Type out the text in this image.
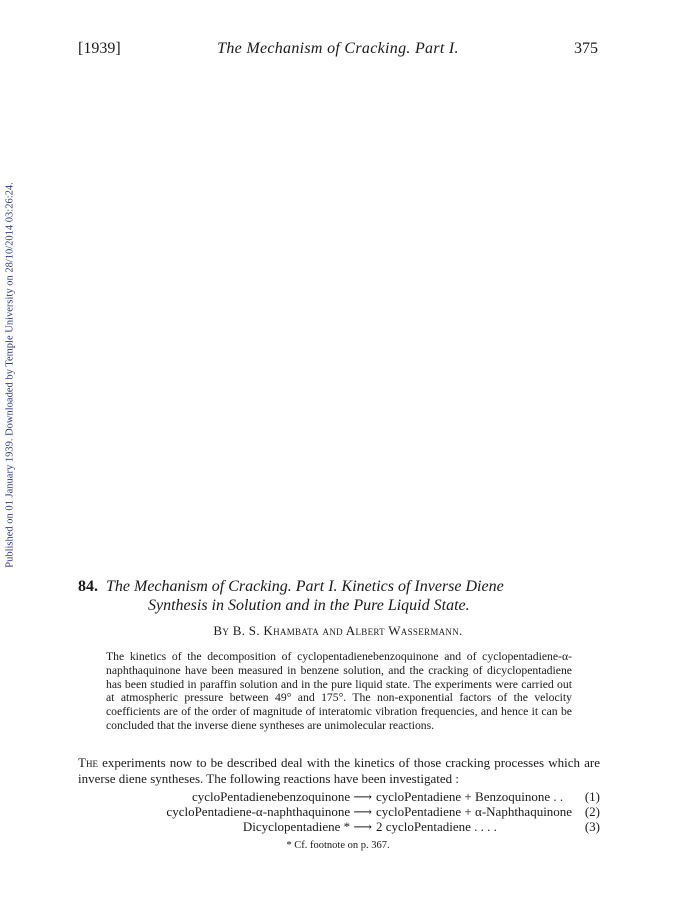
[1939]	The Mechanism of Cracking. Part I.	375
Published on 01 January 1939. Downloaded by Temple University on 28/10/2014 03:26:24.
84. The Mechanism of Cracking. Part I. Kinetics of Inverse Diene
Synthesis in Solution and in the Pure Liquid State.
By B. S. Khambata and Albert Wassermann.
The kinetics of the decomposition of cyclopentadienebenzoquinone and of cyclopentadiene-α-naphthaquinone have been measured in benzene solution, and the cracking of dicyclopentadiene has been studied in paraffin solution and in the pure liquid state. The experiments were carried out at atmospheric pressure between 49° and 175°. The non-exponential factors of the velocity coefficients are of the order of magnitude of interatomic vibration frequencies, and hence it can be concluded that the inverse diene syntheses are unimolecular reactions.
The experiments now to be described deal with the kinetics of those cracking processes which are inverse diene syntheses. The following reactions have been investigated :
cycloPentadienebenzoquinone ⟶ cycloPentadiene + Benzoquinone . . (1)
cycloPentadiene-α-naphthaquinone ⟶ cycloPentadiene + α-Naphthaquinone (2)
Dicyclopentadiene * ⟶ 2 cycloPentadiene . . . .	(3)
* Cf. footnote on p. 367.
